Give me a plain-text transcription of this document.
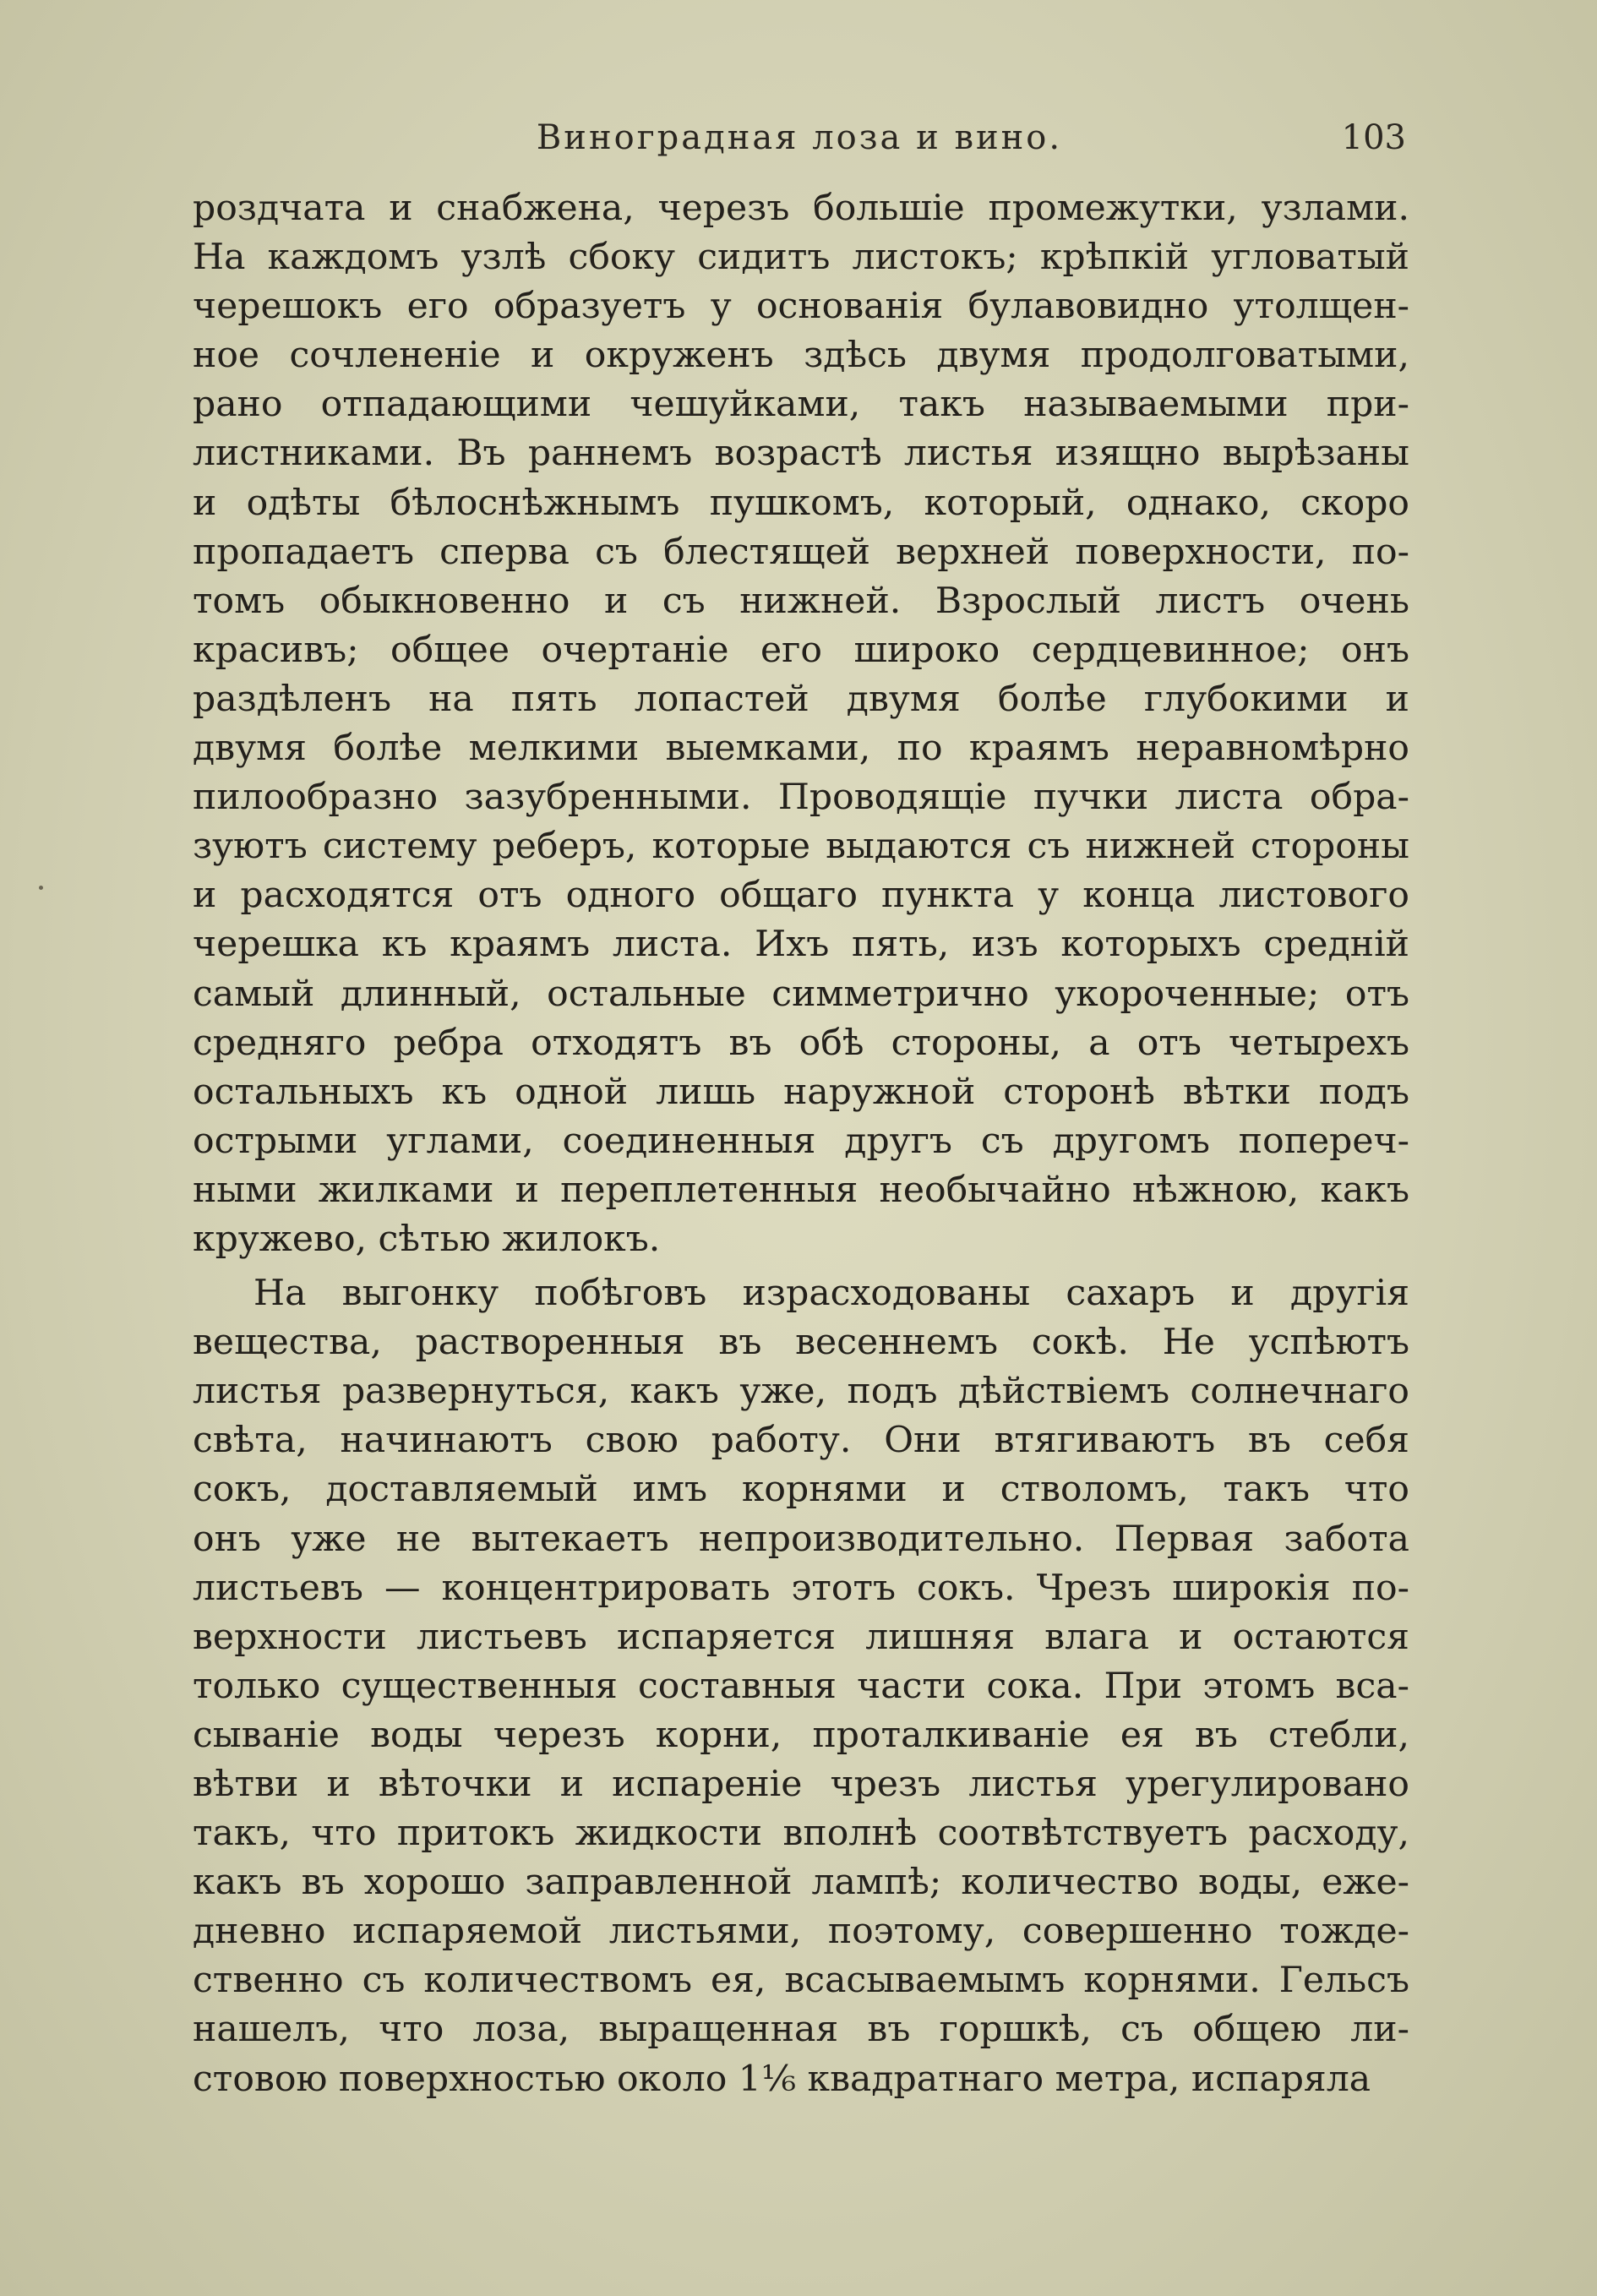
Виноградная лоза и вино.	103
роздчата и снабжена, черезъ большіе промежутки, узлами.
На каждомъ узлѣ сбоку сидитъ листокъ; крѣпкій угловатый
черешокъ его образуетъ у основанія булавовидно утолщен-
ное сочлененіе и окруженъ здѣсь двумя продолговатыми,
рано отпадающими чешуйками, такъ называемыми при-
листниками. Въ раннемъ возрастѣ листья изящно вырѣзаны
и одѣты бѣлоснѣжнымъ пушкомъ, который, однако, скоро
пропадаетъ сперва съ блестящей верхней поверхности, по-
томъ обыкновенно и съ нижней. Взрослый листъ очень
красивъ; общее очертаніе его широко сердцевинное; онъ
раздѣленъ на пять лопастей двумя болѣе глубокими и
двумя болѣе мелкими выемками, по краямъ неравномѣрно
пилообразно зазубренными. Проводящіе пучки листа обра-
зуютъ систему реберъ, которые выдаются съ нижней стороны
и расходятся отъ одного общаго пункта у конца листового
черешка къ краямъ листа. Ихъ пять, изъ которыхъ средній
самый длинный, остальные симметрично укороченные; отъ
средняго ребра отходятъ въ обѣ стороны, а отъ четырехъ
остальныхъ къ одной лишь наружной сторонѣ вѣтки подъ
острыми углами, соединенныя другъ съ другомъ попереч-
ными жилками и переплетенныя необычайно нѣжною, какъ
кружево, сѣтью жилокъ.
На выгонку побѣговъ израсходованы сахаръ и другія
вещества, растворенныя въ весеннемъ сокѣ. Не успѣютъ
листья развернуться, какъ уже, подъ дѣйствіемъ солнечнаго
свѣта, начинаютъ свою работу. Они втягиваютъ въ себя
сокъ, доставляемый имъ корнями и стволомъ, такъ что
онъ уже не вытекаетъ непроизводительно. Первая забота
листьевъ — концентрировать этотъ сокъ. Чрезъ широкія по-
верхности листьевъ испаряется лишняя влага и остаются
только существенныя составныя части сока. При этомъ вса-
сываніе воды черезъ корни, проталкиваніе ея въ стебли,
вѣтви и вѣточки и испареніе чрезъ листья урегулировано
такъ, что притокъ жидкости вполнѣ соотвѣтствуетъ расходу,
какъ въ хорошо заправленной лампѣ; количество воды, еже-
дневно испаряемой листьями, поэтому, совершенно тожде-
ственно съ количествомъ ея, всасываемымъ корнями. Гельсъ
нашелъ, что лоза, выращенная въ горшкѣ, съ общею ли-
стовою поверхностью около 1⅙ квадратнаго метра, испаряла
